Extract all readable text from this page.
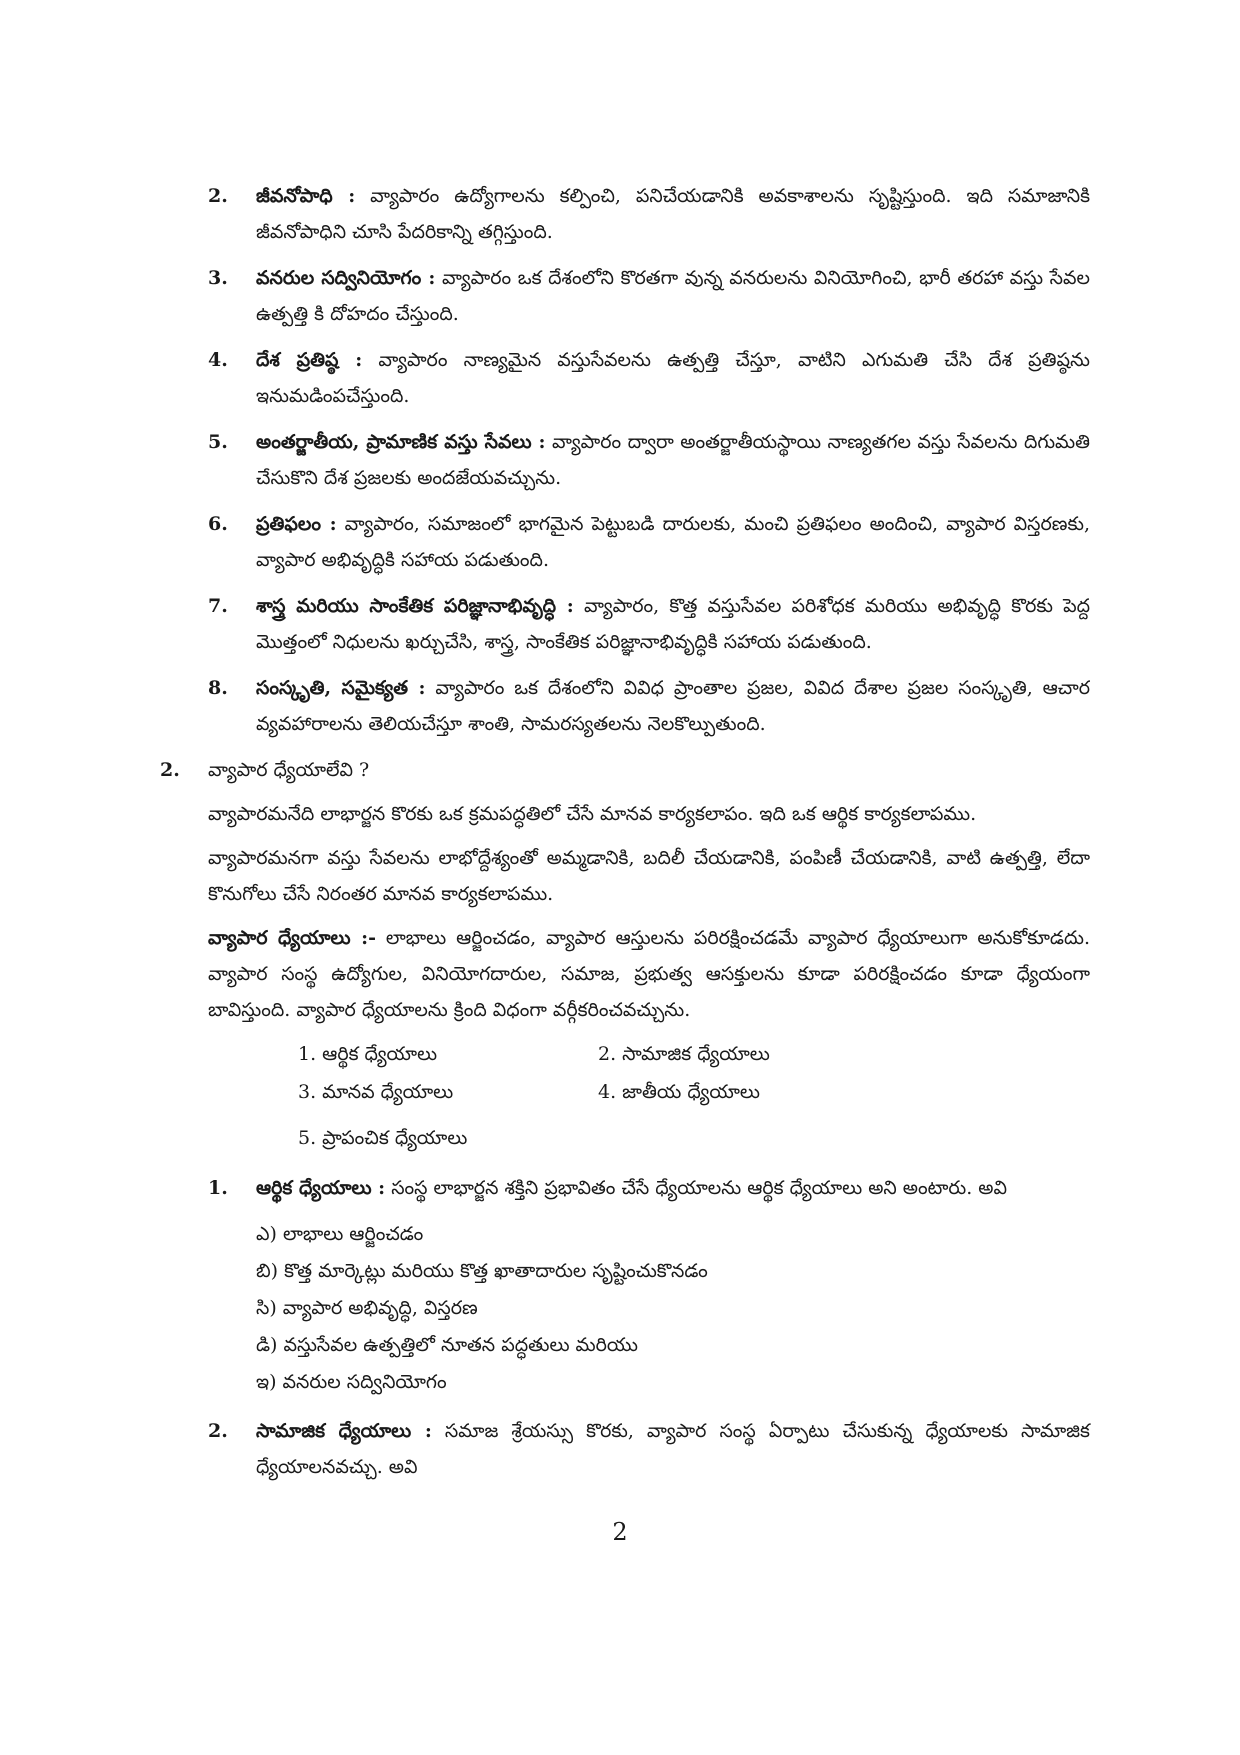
2. జీవనోపాధి : వ్యాపారం ఉద్యోగాలను కల్పించి, పనిచేయడానికి అవకాశాలను సృష్టిస్తుంది. ఇది సమాజానికి జీవనోపాధిని చూసి పేదరికాన్ని తగ్గిస్తుంది.

3. వనరుల సద్వినియోగం : వ్యాపారం ఒక దేశంలోని కొరతగా వున్న వనరులను వినియోగించి, భారీ తరహా వస్తు సేవల ఉత్పత్తి కి దోహదం చేస్తుంది.

4. దేశ ప్రతిష్ఠ : వ్యాపారం నాణ్యమైన వస్తుసేవలను ఉత్పత్తి చేస్తూ, వాటిని ఎగుమతి చేసి దేశ ప్రతిష్ఠను ఇనుమడింపచేస్తుంది.

5. అంతర్జాతీయ, ప్రామాణిక వస్తు సేవలు : వ్యాపారం ద్వారా అంతర్జాతీయస్థాయి నాణ్యతగల వస్తు సేవలను దిగుమతి చేసుకొని దేశ ప్రజలకు అందజేయవచ్చును.

6. ప్రతిఫలం : వ్యాపారం, సమాజంలో భాగమైన పెట్టుబడి దారులకు, మంచి ప్రతిఫలం అందించి, వ్యాపార విస్తరణకు, వ్యాపార అభివృద్ధికి సహాయ పడుతుంది.

7. శాస్త్ర మరియు సాంకేతిక పరిజ్ఞానాభివృద్ధి : వ్యాపారం, కొత్త వస్తుసేవల పరిశోధక మరియు అభివృద్ధి కొరకు పెద్ద మొత్తంలో నిధులను ఖర్చుచేసి, శాస్త్ర, సాంకేతిక పరిజ్ఞానాభివృద్ధికి సహాయ పడుతుంది.

8. సంస్కృతి, సమైక్యత : వ్యాపారం ఒక దేశంలోని వివిధ ప్రాంతాల ప్రజల, వివిద దేశాల ప్రజల సంస్కృతి, ఆచార వ్యవహారాలను తెలియచేస్తూ శాంతి, సామరస్యతలను నెలకొల్పుతుంది.

2. వ్యాపార ధ్యేయాలేవి ?

వ్యాపారమనేది లాభార్జన కొరకు ఒక క్రమపద్ధతిలో చేసే మానవ కార్యకలాపం. ఇది ఒక ఆర్థిక కార్యకలాపము.

వ్యాపారమనగా వస్తు సేవలను లాభోద్దేశ్యంతో అమ్మడానికి, బదిలీ చేయడానికి, పంపిణీ చేయడానికి, వాటి ఉత్పత్తి, లేదా కొనుగోలు చేసే నిరంతర మానవ కార్యకలాపము.

వ్యాపార ధ్యేయాలు :- లాభాలు ఆర్జించడం, వ్యాపార ఆస్తులను పరిరక్షించడమే వ్యాపార ధ్యేయాలుగా అనుకోకూడదు. వ్యాపార సంస్థ ఉద్యోగుల, వినియోగదారుల, సమాజ, ప్రభుత్వ ఆసక్తులను కూడా పరిరక్షించడం కూడా ధ్యేయంగా బావిస్తుంది. వ్యాపార ధ్యేయాలను క్రింది విధంగా వర్గీకరించవచ్చును.

1. ఆర్థిక ధ్యేయాలు	2. సామాజిక ధ్యేయాలు
3. మానవ ధ్యేయాలు	4. జాతీయ ధ్యేయాలు
5. ప్రాపంచిక ధ్యేయాలు
1. ఆర్థిక ధ్యేయాలు : సంస్థ లాభార్జన శక్తిని ప్రభావితం చేసే ధ్యేయాలను ఆర్థిక ధ్యేయాలు అని అంటారు. అవి

ఎ) లాభాలు ఆర్జించడం
బి) కొత్త మార్కెట్లు మరియు కొత్త ఖాతాదారుల సృష్టించుకొనడం
సి) వ్యాపార అభివృద్ధి, విస్తరణ
డి) వస్తుసేవల ఉత్పత్తిలో నూతన పద్ధతులు మరియు
ఇ) వనరుల సద్వినియోగం
2. సామాజిక ధ్యేయాలు : సమాజ శ్రేయస్సు కొరకు, వ్యాపార సంస్థ ఏర్పాటు చేసుకున్న ధ్యేయాలకు సామాజిక ధ్యేయాలనవచ్చు. అవి

2
